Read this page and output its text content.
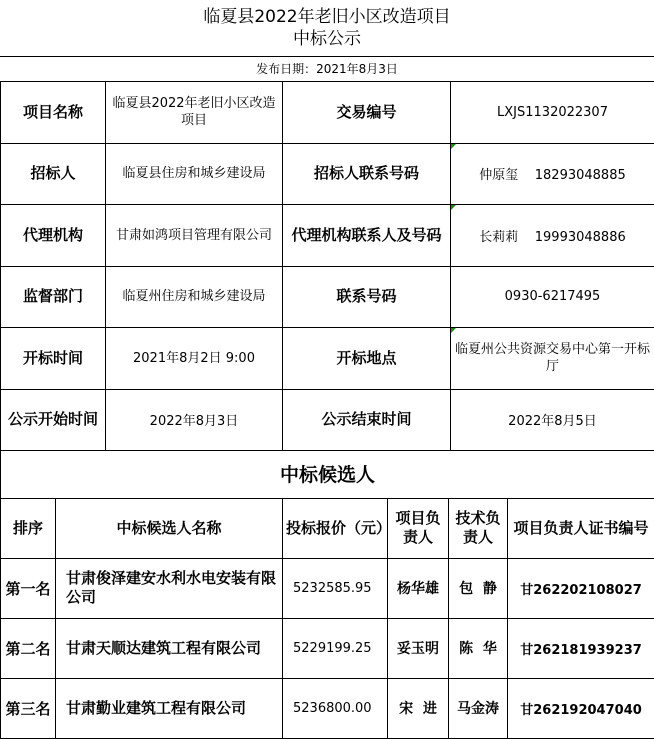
临夏县2022年老旧小区改造项目
中标公示
发布日期：2021年8月3日
项目名称	临夏县2022年老旧小区改造项目	交易编号	LXJS1132022307
招标人	临夏县住房和城乡建设局	招标人联系号码	仲原玺    18293048885
代理机构	甘肃如鸿项目管理有限公司	代理机构联系人及号码	长莉莉    19993048886
监督部门	临夏州住房和城乡建设局	联系号码	0930-6217495
开标时间	2021年8月2日 9:00	开标地点	临夏州公共资源交易中心第一开标厅
公示开始时间	2022年8月3日	公示结束时间	2022年8月5日
中标候选人					
排序	中标候选人名称	投标报价（元）	项目负责人	技术负责人	项目负责人证书编号
第一名	甘肃俊泽建安水利水电安装有限公司	5232585.95	杨华雄	包  静	甘262202108027
第二名	甘肃天顺达建筑工程有限公司	5229199.25	妥玉明	陈  华	甘262181939237
第三名	甘肃勤业建筑工程有限公司	5236800.00	宋  进	马金涛	甘262192047040
